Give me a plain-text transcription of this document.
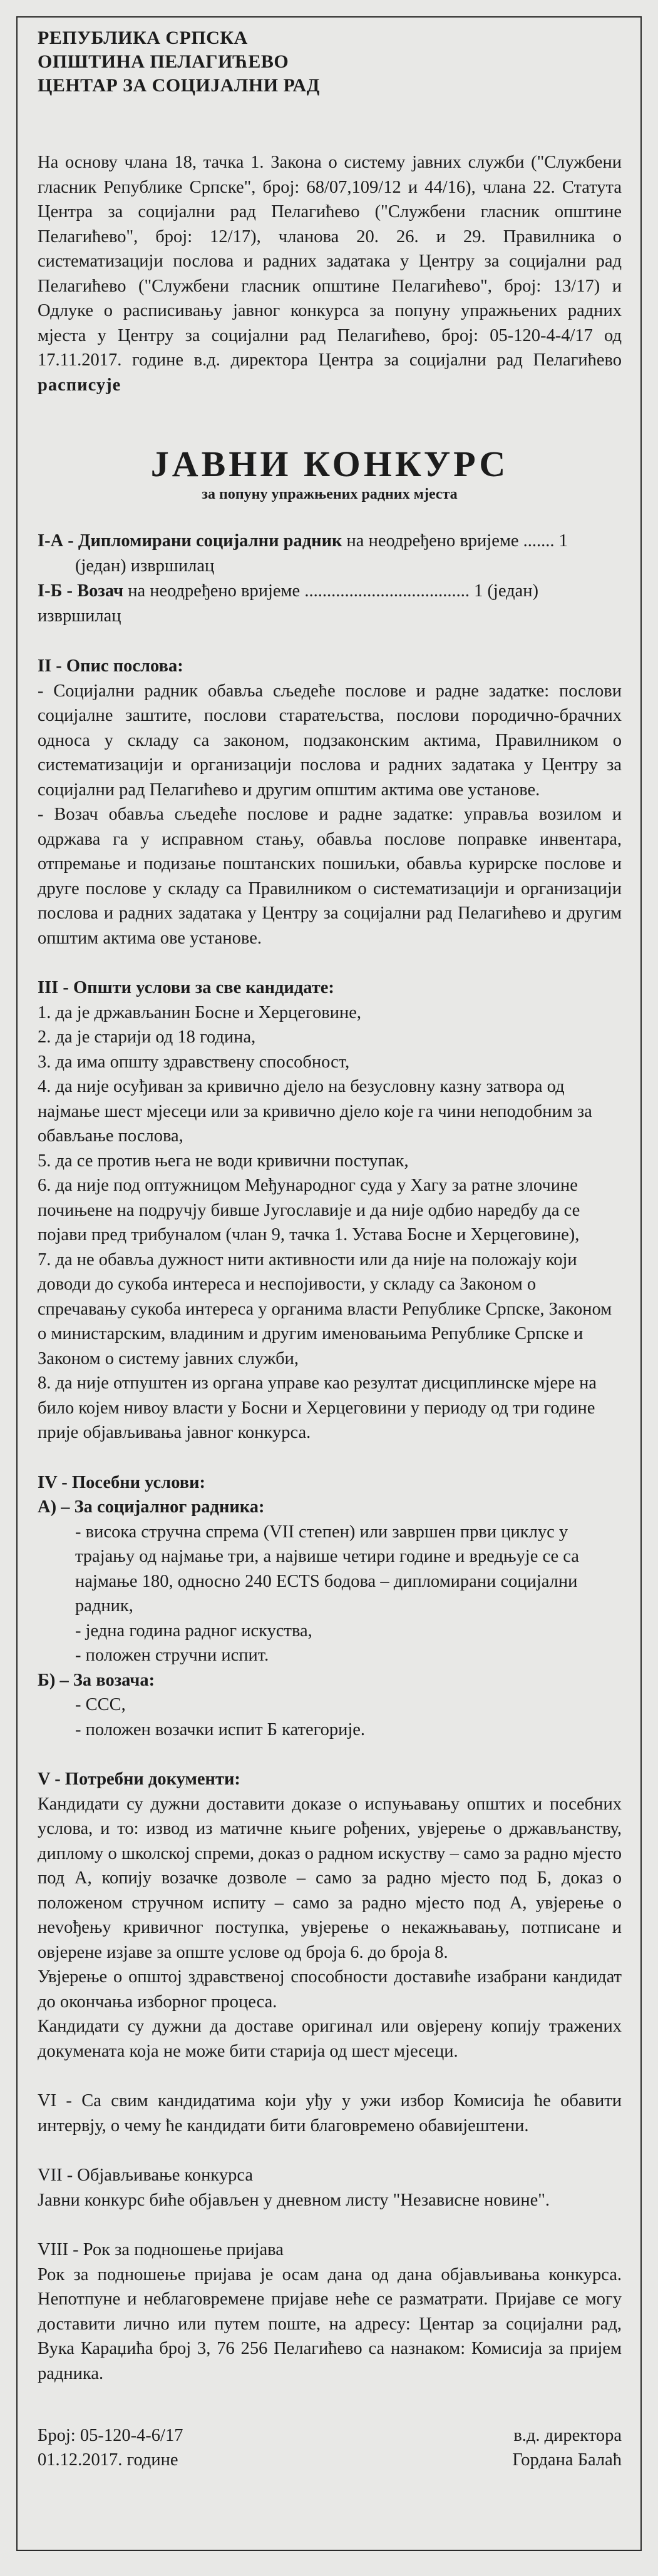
РЕПУБЛИКА СРПСКА
ОПШТИНА ПЕЛАГИЋЕВО
ЦЕНТАР ЗА СОЦИЈАЛНИ РАД
На основу члана 18, тачка 1. Закона о систему јавних служби ("Службени гласник Републике Српске", број: 68/07,109/12 и 44/16), члана 22. Статута Центра за социјални рад Пелагићево ("Службени гласник општине Пелагићево", број: 12/17), чланова 20. 26. и 29. Правилника о систематизацији послова и радних задатака у Центру за социјални рад Пелагићево ("Службени гласник општине Пелагићево", број: 13/17) и Одлуке о расписивању јавног конкурса за попуну упражњених радних мјеста у Центру за социјални рад Пелагићево, број: 05-120-4-4/17 од 17.11.2017. године в.д. директора Центра за социјални рад Пелагићево расписује
ЈАВНИ КОНКУРС
за попуну упражњених радних мјеста
I-А - Дипломирани социјални радник на неодређено вријеме ....... 1
(један) извршилац
I-Б - Возач на неодређено вријеме ..................................... 1 (један) извршилац
II - Опис послова:
- Социјални радник обавља сљедеће послове и радне задатке: послови социјалне заштите, послови старатељства, послови породично-брачних односа у складу са законом, подзаконским актима, Правилником о систематизацији и организацији послова и радних задатака у Центру за социјални рад Пелагићево и другим општим актима ове установе.
- Возач обавља сљедеће послове и радне задатке: управља возилом и одржава га у исправном стању, обавља послове поправке инвентара, отпремање и подизање поштанских пошиљки, обавља курирске послове и друге послове у складу са Правилником о систематизацији и организацији послова и радних задатака у Центру за социјални рад Пелагићево и другим општим актима ове установе.
III - Општи услови за све кандидате:
1. да је држављанин Босне и Херцеговине,
2. да је старији од 18 година,
3. да има општу здравствену способност,
4. да није осуђиван за кривично дјело на безусловну казну затвора од најмање шест мјесеци или за кривично дјело које га чини неподобним за обављање послова,
5. да се против њега не води кривични поступак,
6. да није под оптужницом Међународног суда у Хагу за ратне злочине почињене на подручју бивше Југославије и да није одбио наредбу да се појави пред трибуналом (члан 9, тачка 1. Устава Босне и Херцеговине),
7. да не обавља дужност нити активности или да није на положају који доводи до сукоба интереса и неспојивости, у складу са Законом о спречавању сукоба интереса у органима власти Републике Српске, Законом о министарским, владиним и другим именовањима Републике Српске и Законом о систему јавних служби,
8. да није отпуштен из органа управе као резултат дисциплинске мјере на било којем нивоу власти у Босни и Херцеговини у периоду од три године прије објављивања јавног конкурса.
IV - Посебни услови:
А) – За социјалног радника:
- висока стручна спрема (VII степен) или завршен први циклус у трајању од најмање три, а највише четири године и вредњује се са најмање 180, односно 240 ECTS бодова – дипломирани социјални радник,
- једна година радног искуства,
- положен стручни испит.
Б) – За возача:
- ССС,
- положен возачки испит Б категорије.
V - Потребни документи:
Кандидати су дужни доставити доказе о испуњавању општих и посебних услова, и то: извод из матичне књиге рођених, увјерење о држављанству, диплому о школској спреми, доказ о радном искуству – само за радно мјесто под А, копију возачке дозволе – само за радно мјесто под Б, доказ о положеном стручном испиту – само за радно мјесто под А, увјерење о неvођењу кривичног поступка, увјерење о некажњавању, потписане и овјерене изјаве за опште услове од броја 6. до броја 8.
Увјерење о општој здравственој способности доставиће изабрани кандидат до окончања изборног процеса.
Кандидати су дужни да доставе оригинал или овјерену копију тражених докумената која не може бити старија од шест мјесеци.
VI - Са свим кандидатима који уђу у ужи избор Комисија ће обавити интервју, о чему ће кандидати бити благовремено обавијештени.
VII - Објављивање конкурса
Јавни конкурс биће објављен у дневном листу "Независне новине".
VIII - Рок за подношење пријава
Рок за подношење пријава је осам дана од дана објављивања конкурса. Непотпуне и неблаговремене пријаве неће се разматрати. Пријаве се могу доставити лично или путем поште, на адресу: Центар за социјални рад, Вука Караџића број 3, 76 256 Пелагићево са назнаком: Комисија за пријем радника.
Број: 05-120-4-6/17
01.12.2017. године
в.д. директора
Гордана Балаћ
